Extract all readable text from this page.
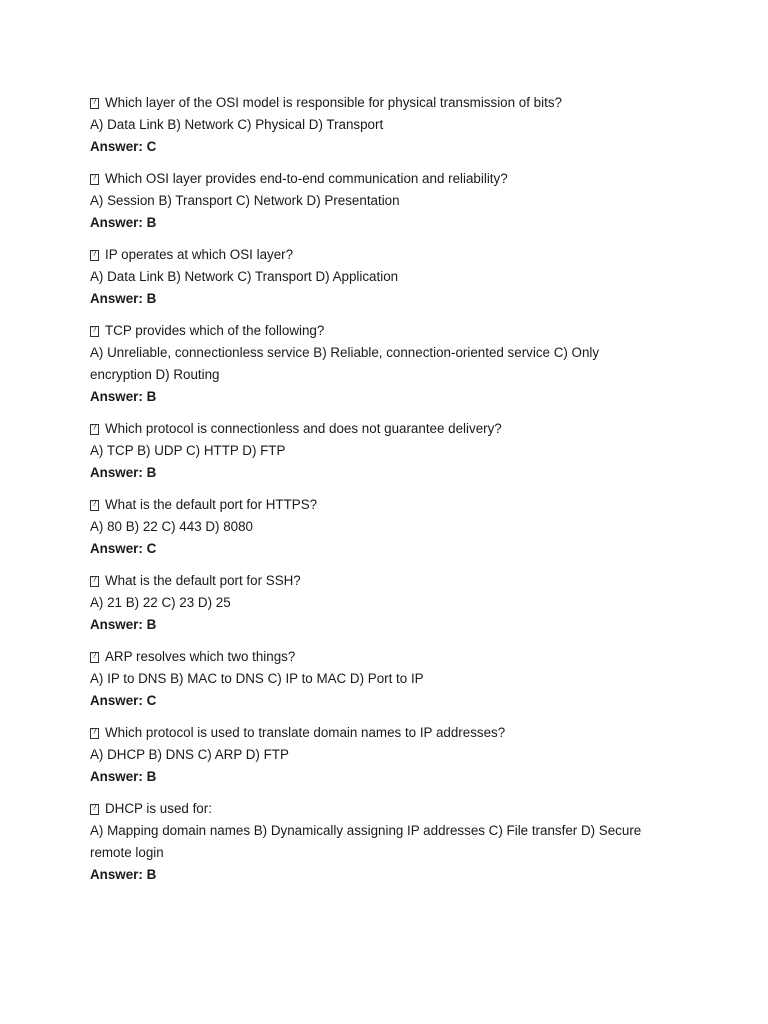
?
Which layer of the OSI model is responsible for physical transmission of bits?
A) Data Link B) Network C) Physical D) Transport
Answer: C
?
Which OSI layer provides end-to-end communication and reliability?
A) Session B) Transport C) Network D) Presentation
Answer: B
?
IP operates at which OSI layer?
A) Data Link B) Network C) Transport D) Application
Answer: B
?
TCP provides which of the following?
A) Unreliable, connectionless service B) Reliable, connection-oriented service C) Only encryption D) Routing
Answer: B
?
Which protocol is connectionless and does not guarantee delivery?
A) TCP B) UDP C) HTTP D) FTP
Answer: B
?
What is the default port for HTTPS?
A) 80 B) 22 C) 443 D) 8080
Answer: C
?
What is the default port for SSH?
A) 21 B) 22 C) 23 D) 25
Answer: B
?
ARP resolves which two things?
A) IP to DNS B) MAC to DNS C) IP to MAC D) Port to IP
Answer: C
?
Which protocol is used to translate domain names to IP addresses?
A) DHCP B) DNS C) ARP D) FTP
Answer: B
?
DHCP is used for:
A) Mapping domain names B) Dynamically assigning IP addresses C) File transfer D) Secure remote login
Answer: B
